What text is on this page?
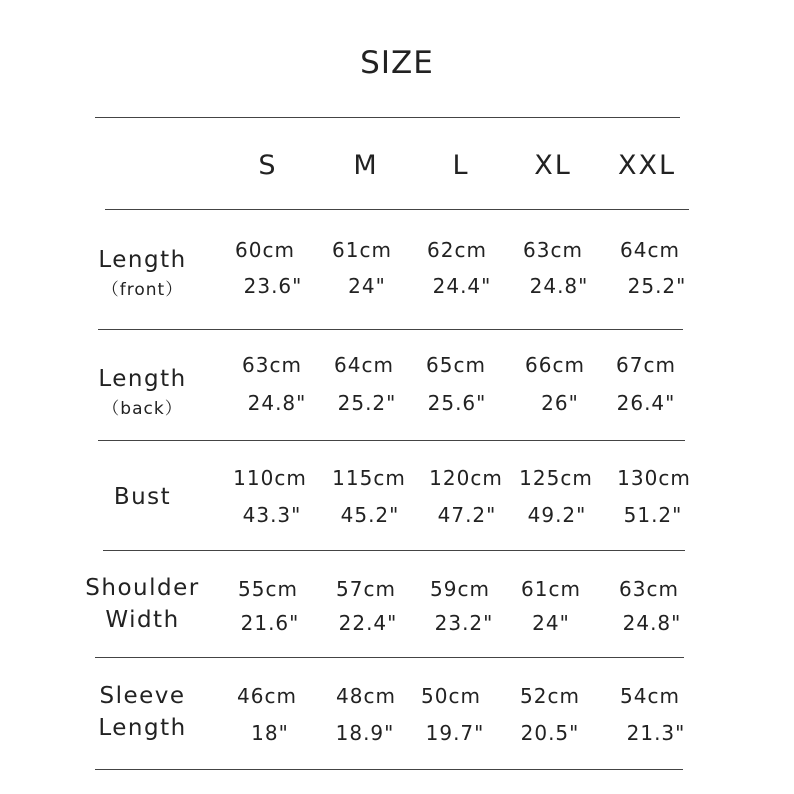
SIZE
S	M	L	XL	XXL
Length
（front）
60cm	61cm	62cm	63cm	64cm
23.6"	24"	24.4"	24.8"	25.2"
Length
（back）
63cm	64cm	65cm	66cm	67cm
24.8"	25.2"	25.6"	26"	26.4"
Bust
110cm	115cm	120cm 125cm	130cm
43.3"	45.2"	47.2"	49.2"	51.2"
Shoulder
Width
55cm	57cm	59cm	61cm	63cm
21.6"	22.4"	23.2"	24"	24.8"
Sleeve
Length
46cm	48cm	50cm	52cm	54cm
18"	18.9"	19.7"	20.5"	21.3"
